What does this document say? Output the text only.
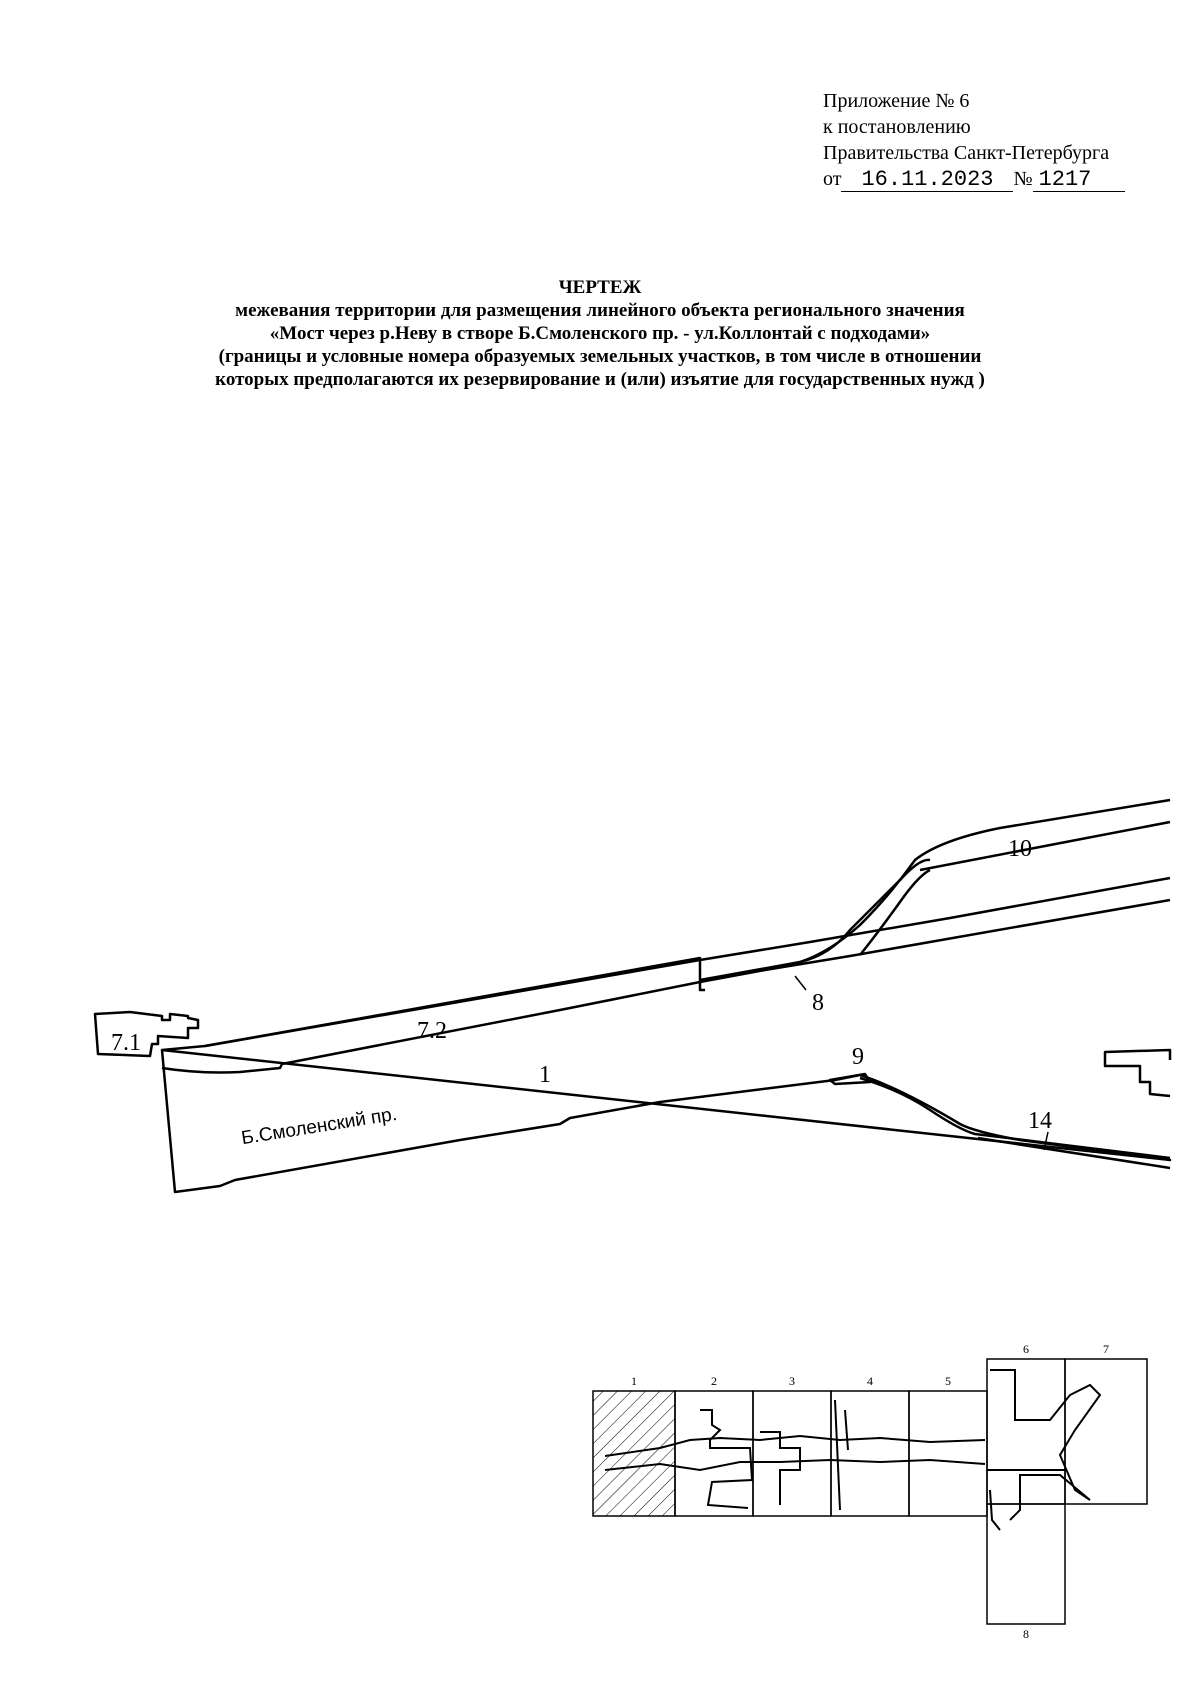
Приложение № 6
к постановлению
Правительства Санкт-Петербурга
от 16.11.2023 № 1217
ЧЕРТЕЖ
межевания территории для размещения линейного объекта регионального значения
«Мост через р.Неву в створе Б.Смоленского пр. - ул.Коллонтай с подходами»
(границы и условные номера образуемых земельных участков, в том числе в отношении
которых предполагаются их резервирование и (или) изъятие для государственных нужд )
7.1	7.2
1
8
9
10
14
Б.Смоленский пр.
1	2	3	4	5
6	7
8
